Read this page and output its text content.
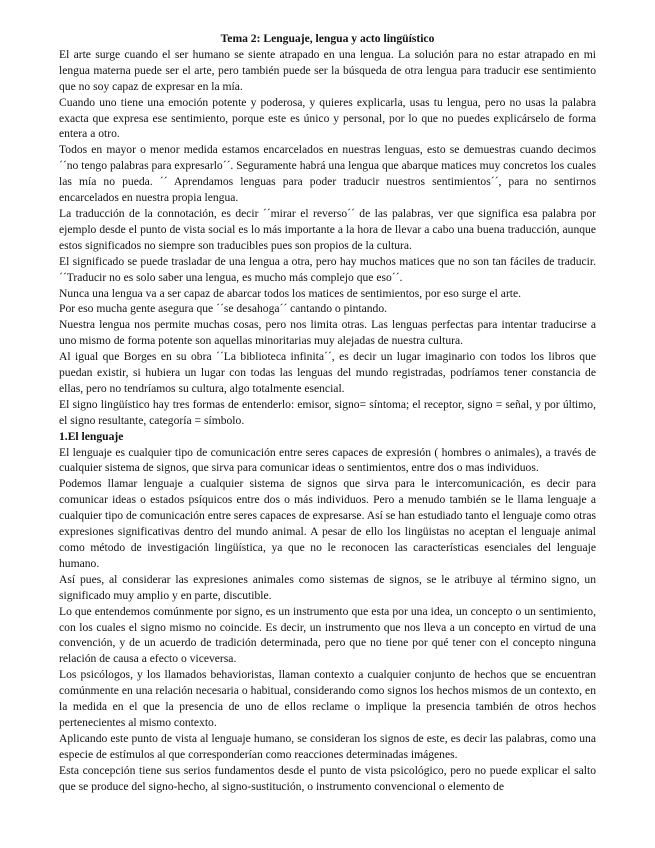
Tema 2: Lenguaje, lengua y acto lingüístico

El arte surge cuando el ser humano se siente atrapado en una lengua. La solución para no estar atrapado en mi lengua materna puede ser el arte, pero también puede ser la búsqueda de otra lengua para traducir ese sentimiento que no soy capaz de expresar en la mía.

Cuando uno tiene una emoción potente y poderosa, y quieres explicarla, usas tu lengua, pero no usas la palabra exacta que expresa ese sentimiento, porque este es único y personal, por lo que no puedes explicárselo de forma entera a otro.

Todos en mayor o menor medida estamos encarcelados en nuestras lenguas, esto se demuestras cuando decimos ´´no tengo palabras para expresarlo´´. Seguramente habrá una lengua que abarque matices muy concretos los cuales las mía no pueda. ´´ Aprendamos lenguas para poder traducir nuestros sentimientos´´, para no sentirnos encarcelados en nuestra propia lengua.

La traducción de la connotación, es decir ´´mirar el reverso´´ de las palabras, ver que significa esa palabra por ejemplo desde el punto de vista social es lo más importante a la hora de llevar a cabo una buena traducción, aunque estos significados no siempre son traducibles pues son propios de la cultura.

El significado se puede trasladar de una lengua a otra, pero hay muchos matices que no son tan fáciles de traducir. ´´Traducir no es solo saber una lengua, es mucho más complejo que eso´´.

Nunca una lengua va a ser capaz de abarcar todos los matices de sentimientos, por eso surge el arte.

Por eso mucha gente asegura que ´´se desahoga´´ cantando o pintando.

Nuestra lengua nos permite muchas cosas, pero nos limita otras. Las lenguas perfectas para intentar traducirse a uno mismo de forma potente son aquellas minoritarias muy alejadas de nuestra cultura.

Al igual que Borges en su obra ´´La biblioteca infinita´´, es decir un lugar imaginario con todos los libros que puedan existir, si hubiera un lugar con todas las lenguas del mundo registradas, podríamos tener constancia de ellas, pero no tendríamos su cultura, algo totalmente esencial.

El signo lingüístico hay tres formas de entenderlo: emisor, signo= síntoma; el receptor, signo = señal, y por último, el signo resultante, categoría = símbolo.

1.El lenguaje

El lenguaje es cualquier tipo de comunicación entre seres capaces de expresión ( hombres o animales), a través de cualquier sistema de signos, que sirva para comunicar ideas o sentimientos, entre dos o mas individuos.

Podemos llamar lenguaje a cualquier sistema de signos que sirva para le intercomunicación, es decir para comunicar ideas o estados psíquicos entre dos o más individuos. Pero a menudo también se le llama lenguaje a cualquier tipo de comunicación entre seres capaces de expresarse. Así se han estudiado tanto el lenguaje como otras expresiones significativas dentro del mundo animal. A pesar de ello los lingüistas no aceptan el lenguaje animal como método de investigación lingüística, ya que no le reconocen las características esenciales del lenguaje humano.

Así pues, al considerar las expresiones animales como sistemas de signos, se le atribuye al término signo, un significado muy amplio y en parte, discutible.

Lo que entendemos comúnmente por signo, es un instrumento que esta por una idea, un concepto o un sentimiento, con los cuales el signo mismo no coincide. Es decir, un instrumento que nos lleva a un concepto en virtud de una convención, y de un acuerdo de tradición determinada, pero que no tiene por qué tener con el concepto ninguna relación de causa a efecto o viceversa.

Los psicólogos, y los llamados behavioristas, llaman contexto a cualquier conjunto de hechos que se encuentran comúnmente en una relación necesaria o habitual, considerando como signos los hechos mismos de un contexto, en la medida en el que la presencia de uno de ellos reclame o implique la presencia también de otros hechos pertenecientes al mismo contexto.

Aplicando este punto de vista al lenguaje humano, se consideran los signos de este, es decir las palabras, como una especie de estímulos al que corresponderían como reacciones determinadas imágenes.

Esta concepción tiene sus serios fundamentos desde el punto de vista psicológico, pero no puede explicar el salto que se produce del signo-hecho, al signo-sustitución, o instrumento convencional o elemento de
